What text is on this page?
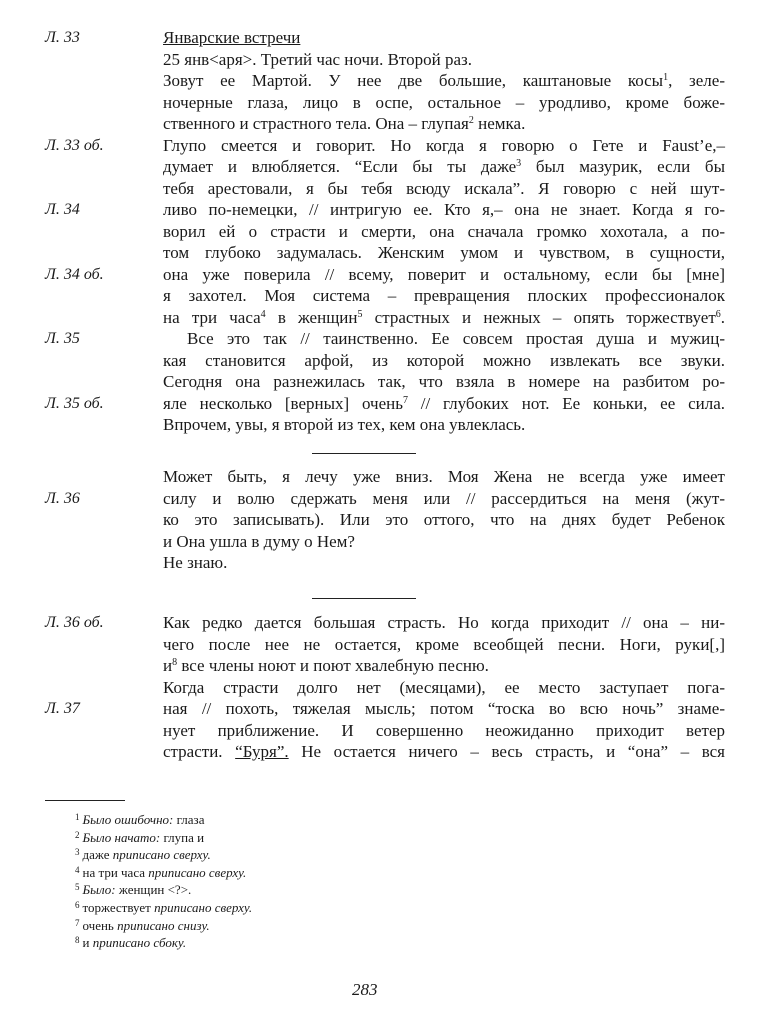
Л. 33	Январские встречи
25 янв<аря>. Третий час ночи. Второй раз.
Зовут ее Мартой. У нее две большие, каштановые косы$^1$, зеле-
ночерные глаза, лицо в оспе, остальное – уродливо, кроме боже-
ственного и страстного тела. Она – глупая$^2$ немка.
Л. 33 об.	Глупо смеется и говорит. Но когда я говорю о Гете и Faust’e,–
думает и влюбляется. “Если бы ты даже$^3$ был мазурик, если бы
тебя арестовали, я бы тебя всюду искала”. Я говорю с ней шут-
Л. 34	ливо по-немецки, // интригую ее. Кто я,– она не знает. Когда я го-
ворил ей о страсти и смерти, она сначала громко хохотала, а по-
том глубоко задумалась. Женским умом и чувством, в сущности,
Л. 34 об.	она уже поверила // всему, поверит и остальному, если бы [мне]
я захотел. Моя система – превращения плоских профессионалок
на три часа$^4$ в женщин$^5$ страстных и нежных – опять торжествует$^6$.
Л. 35	Все это так // таинственно. Ее совсем простая душа и мужиц-
кая становится арфой, из которой можно извлекать все звуки.
Сегодня она разнежилась так, что взяла в номере на разбитом ро-
Л. 35 об.	яле несколько [верных] очень$^7$ // глубоких нот. Ее коньки, ее сила.
Впрочем, увы, я второй из тех, кем она увлеклась.
Может быть, я лечу уже вниз. Моя Жена не всегда уже имеет
Л. 36	силу и волю сдержать меня или // рассердиться на меня (жут-
ко это записывать). Или это оттого, что на днях будет Ребенок
и Она ушла в думу о Нем?
Не знаю.
Л. 36 об.	Как редко дается большая страсть. Но когда приходит // она – ни-
чего после нее не остается, кроме всеобщей песни. Ноги, руки[,]
$и^8$ все члены ноют и поют хвалебную песню.
Когда страсти долго нет (месяцами), ее место заступает пога-
Л. 37	ная // похоть, тяжелая мысль; потом “тоска во всю ночь” знаме-
нует приближение. И совершенно неожиданно приходит ветер
страсти. “Буря”. Не остается ничего – весь страсть, и “она” – вся
$^1$ Было ошибочно: глаза
$^2$ Было начато: глупа и
$^3$ даже приписано сверху.
$^4$ на три часа приписано сверху.
$^5$ Было: женщин <?>.
$^6$ торжествует приписано сверху.
$^7$ очень приписано снизу.
$^8$ и приписано сбоку.
283
